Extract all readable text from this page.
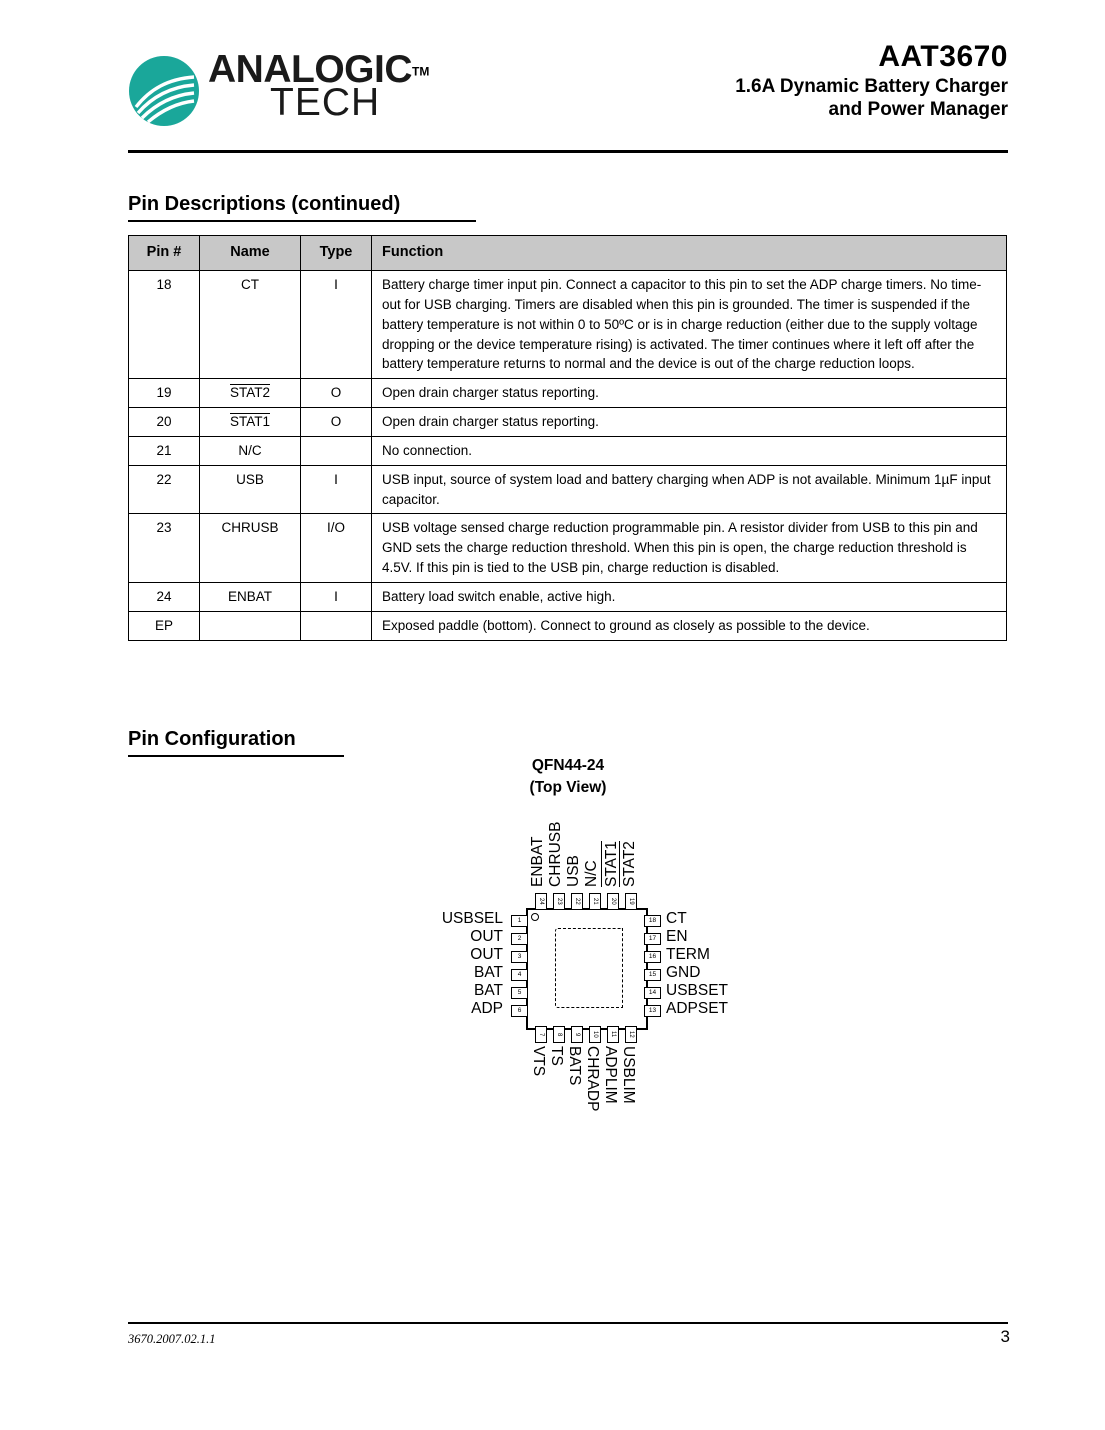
ANALOGIC™
TECH
AAT3670
1.6A Dynamic Battery Charger
and Power Manager
Pin Descriptions (continued)
Pin #	Name	Type	Function
18	CT	I	Battery charge timer input pin. Connect a capacitor to this pin to set the ADP charge timers. No time-out for USB charging. Timers are disabled when this pin is grounded. The timer is suspended if the battery temperature is not within 0 to 50ºC or is in charge reduction (either due to the supply voltage dropping or the device temperature rising) is activated. The timer continues where it left off after the battery temperature returns to normal and the device is out of the charge reduction loops.
19	STAT2	O	Open drain charger status reporting.
20	STAT1	O	Open drain charger status reporting.
21	N/C		No connection.
22	USB	I	USB input, source of system load and battery charging when ADP is not available. Minimum 1µF input capacitor.
23	CHRUSB	I/O	USB voltage sensed charge reduction programmable pin. A resistor divider from USB to this pin and GND sets the charge reduction threshold. When this pin is open, the charge reduction threshold is 4.5V. If this pin is tied to the USB pin, charge reduction is disabled.
24	ENBAT	I	Battery load switch enable, active high.
EP			Exposed paddle (bottom). Connect to ground as closely as possible to the device.
Pin Configuration
QFN44-24
(Top View)
24	23	22	21	20	19
ENBAT CHRUSB USB N/C STAT1 STAT2
1
2
3
4
5
6
USBSEL
OUT
OUT
BAT
BAT
ADP
18
17
16
15
14
13
CT
EN
TERM
GND
USBSET
ADPSET
7	8	9	10	11	12
VTS TS BATS CHRADP ADPLIM USBLIM
3670.2007.02.1.1	3
